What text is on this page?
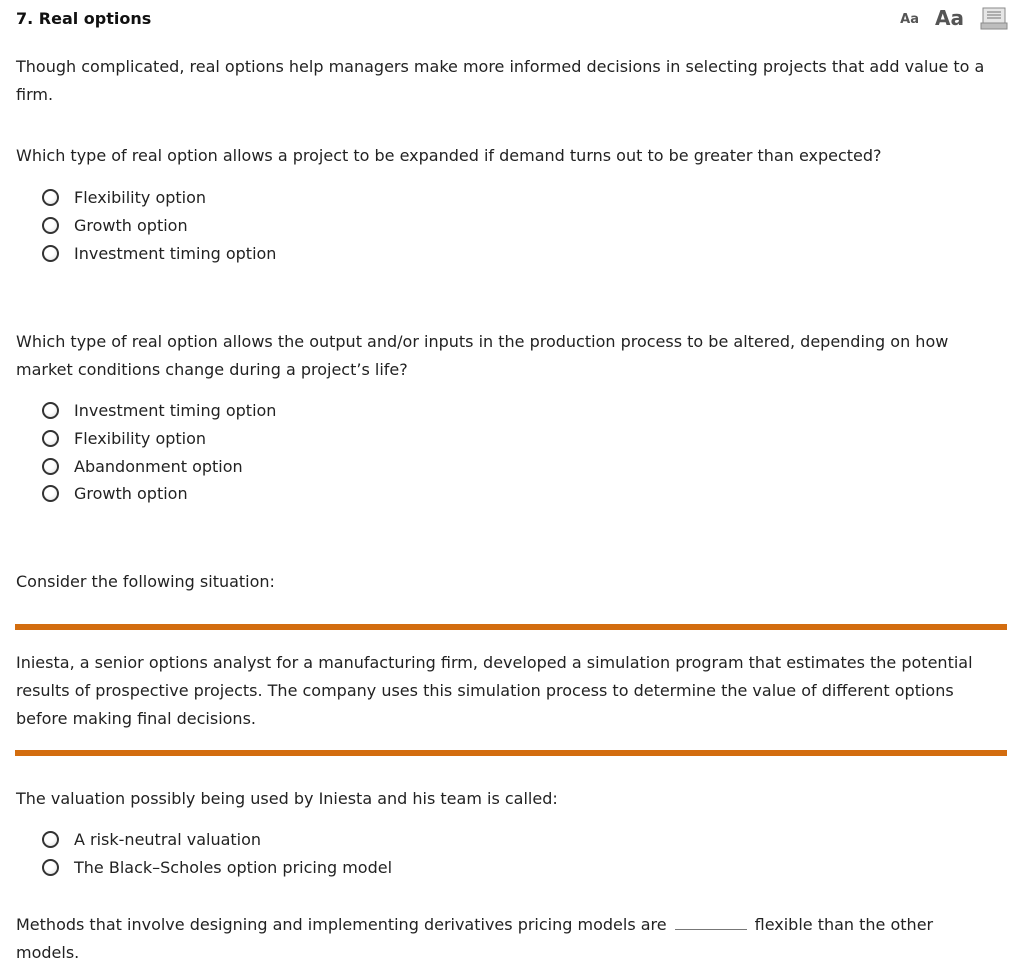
7. Real options	Aa Aa

Though complicated, real options help managers make more informed decisions in selecting projects that add value to a firm.

Which type of real option allows a project to be expanded if demand turns out to be greater than expected?

Flexibility option
Growth option
Investment timing option

Which type of real option allows the output and/or inputs in the production process to be altered, depending on how market conditions change during a project’s life?

Investment timing option
Flexibility option
Abandonment option
Growth option

Consider the following situation:

Iniesta, a senior options analyst for a manufacturing firm, developed a simulation program that estimates the potential results of prospective projects. The company uses this simulation process to determine the value of different options before making final decisions.

The valuation possibly being used by Iniesta and his team is called:

A risk-neutral valuation
The Black–Scholes option pricing model

Methods that involve designing and implementing derivatives pricing models are	flexible than the other
models.
